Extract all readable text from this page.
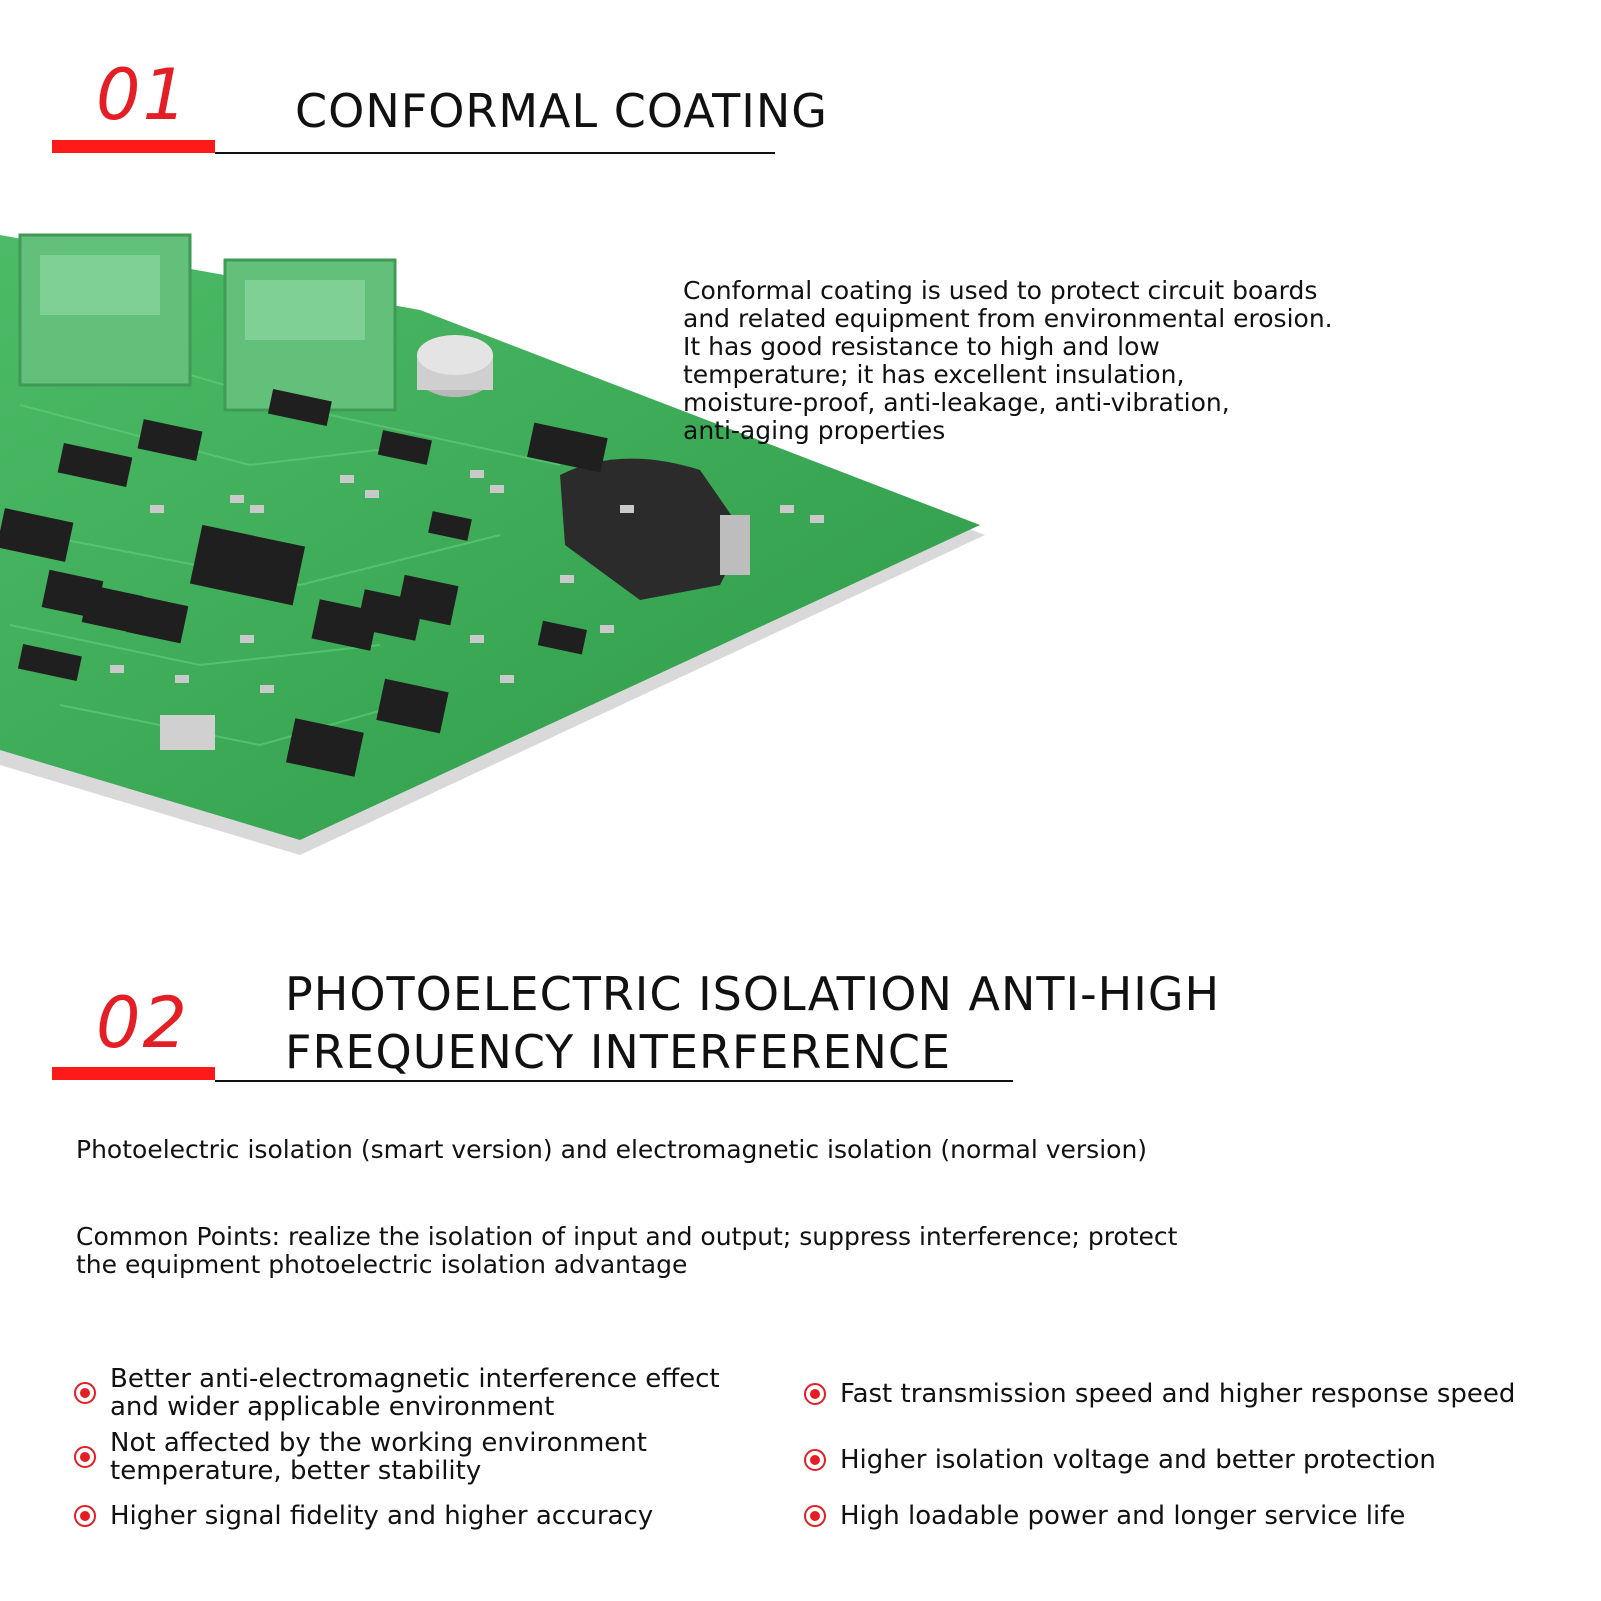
01 CONFORMAL COATING
Conformal coating is used to protect circuit boards
and related equipment from environmental erosion.
It has good resistance to high and low
temperature; it has excellent insulation,
moisture-proof, anti-leakage, anti-vibration,
anti-aging properties
02 PHOTOELECTRIC ISOLATION ANTI-HIGH
FREQUENCY INTERFERENCE
Photoelectric isolation (smart version) and electromagnetic isolation (normal version)
Common Points: realize the isolation of input and output; suppress interference; protect
the equipment photoelectric isolation advantage
Better anti-electromagnetic interference effect
and wider applicable environment
Not affected by the working environment
temperature, better stability
Higher signal fidelity and higher accuracy
Fast transmission speed and higher response speed
Higher isolation voltage and better protection
High loadable power and longer service life
